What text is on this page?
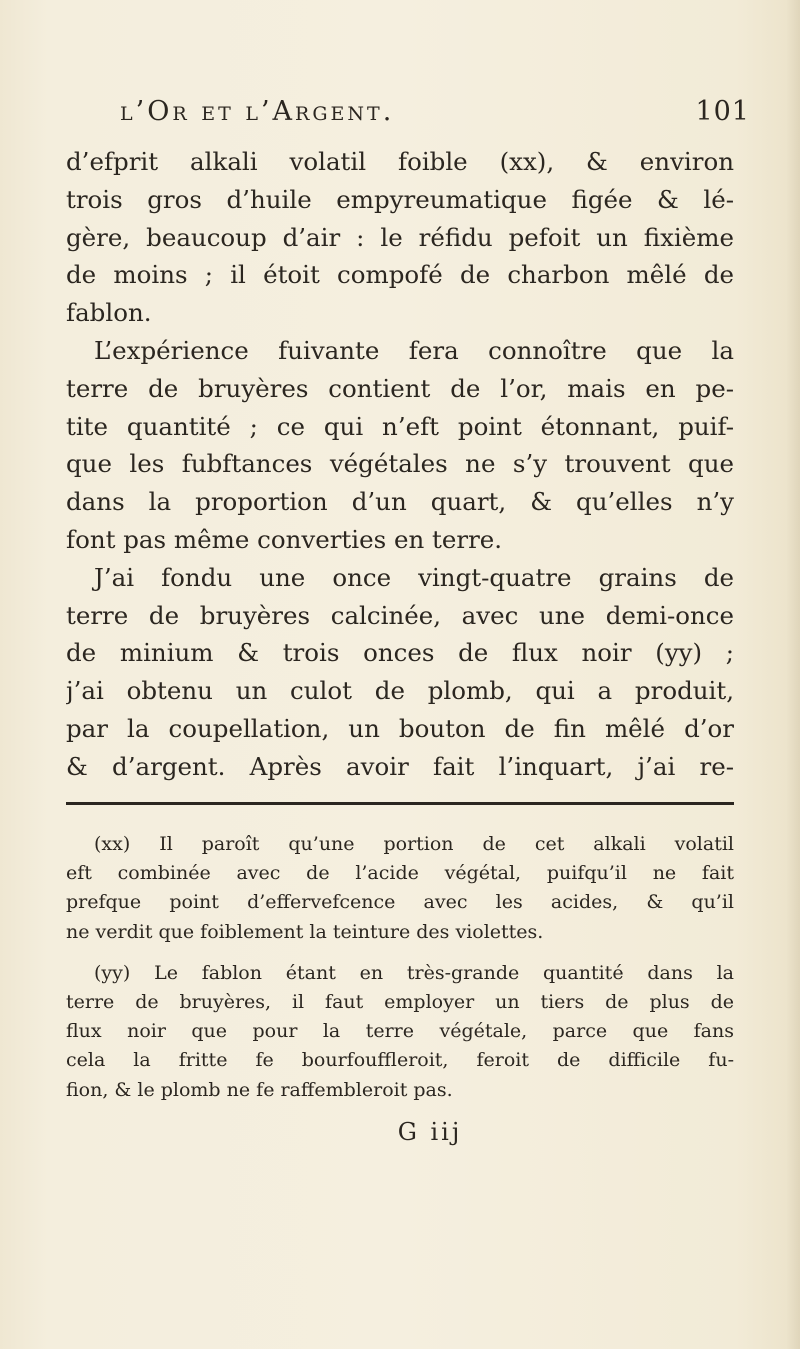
l’Or et l’Argent.	101
d’efprit alkali volatil foible (xx), & environ
trois gros d’huile empyreumatique figée & lé-
gère, beaucoup d’air : le réfidu pefoit un fixième
de moins ; il étoit compofé de charbon mêlé de
fablon.
L’expérience fuivante fera connoître que la
terre de bruyères contient de l’or, mais en pe-
tite quantité ; ce qui n’eft point étonnant, puif-
que les fubftances végétales ne s’y trouvent que
dans la proportion d’un quart, & qu’elles n’y
font pas même converties en terre.
J’ai fondu une once vingt-quatre grains de
terre de bruyères calcinée, avec une demi-once
de minium & trois onces de flux noir (yy) ;
j’ai obtenu un culot de plomb, qui a produit,
par la coupellation, un bouton de fin mêlé d’or
& d’argent. Après avoir fait l’inquart, j’ai re-
(xx) Il paroît qu’une portion de cet alkali volatil
eft combinée avec de l’acide végétal, puifqu’il ne fait
prefque point d’effervefcence avec les acides, & qu’il
ne verdit que foiblement la teinture des violettes.
(yy) Le fablon étant en très-grande quantité dans la
terre de bruyères, il faut employer un tiers de plus de
flux noir que pour la terre végétale, parce que fans
cela la fritte fe bourfouffleroit, feroit de difficile fu-
fion, & le plomb ne fe raffembleroit pas.
G iij
